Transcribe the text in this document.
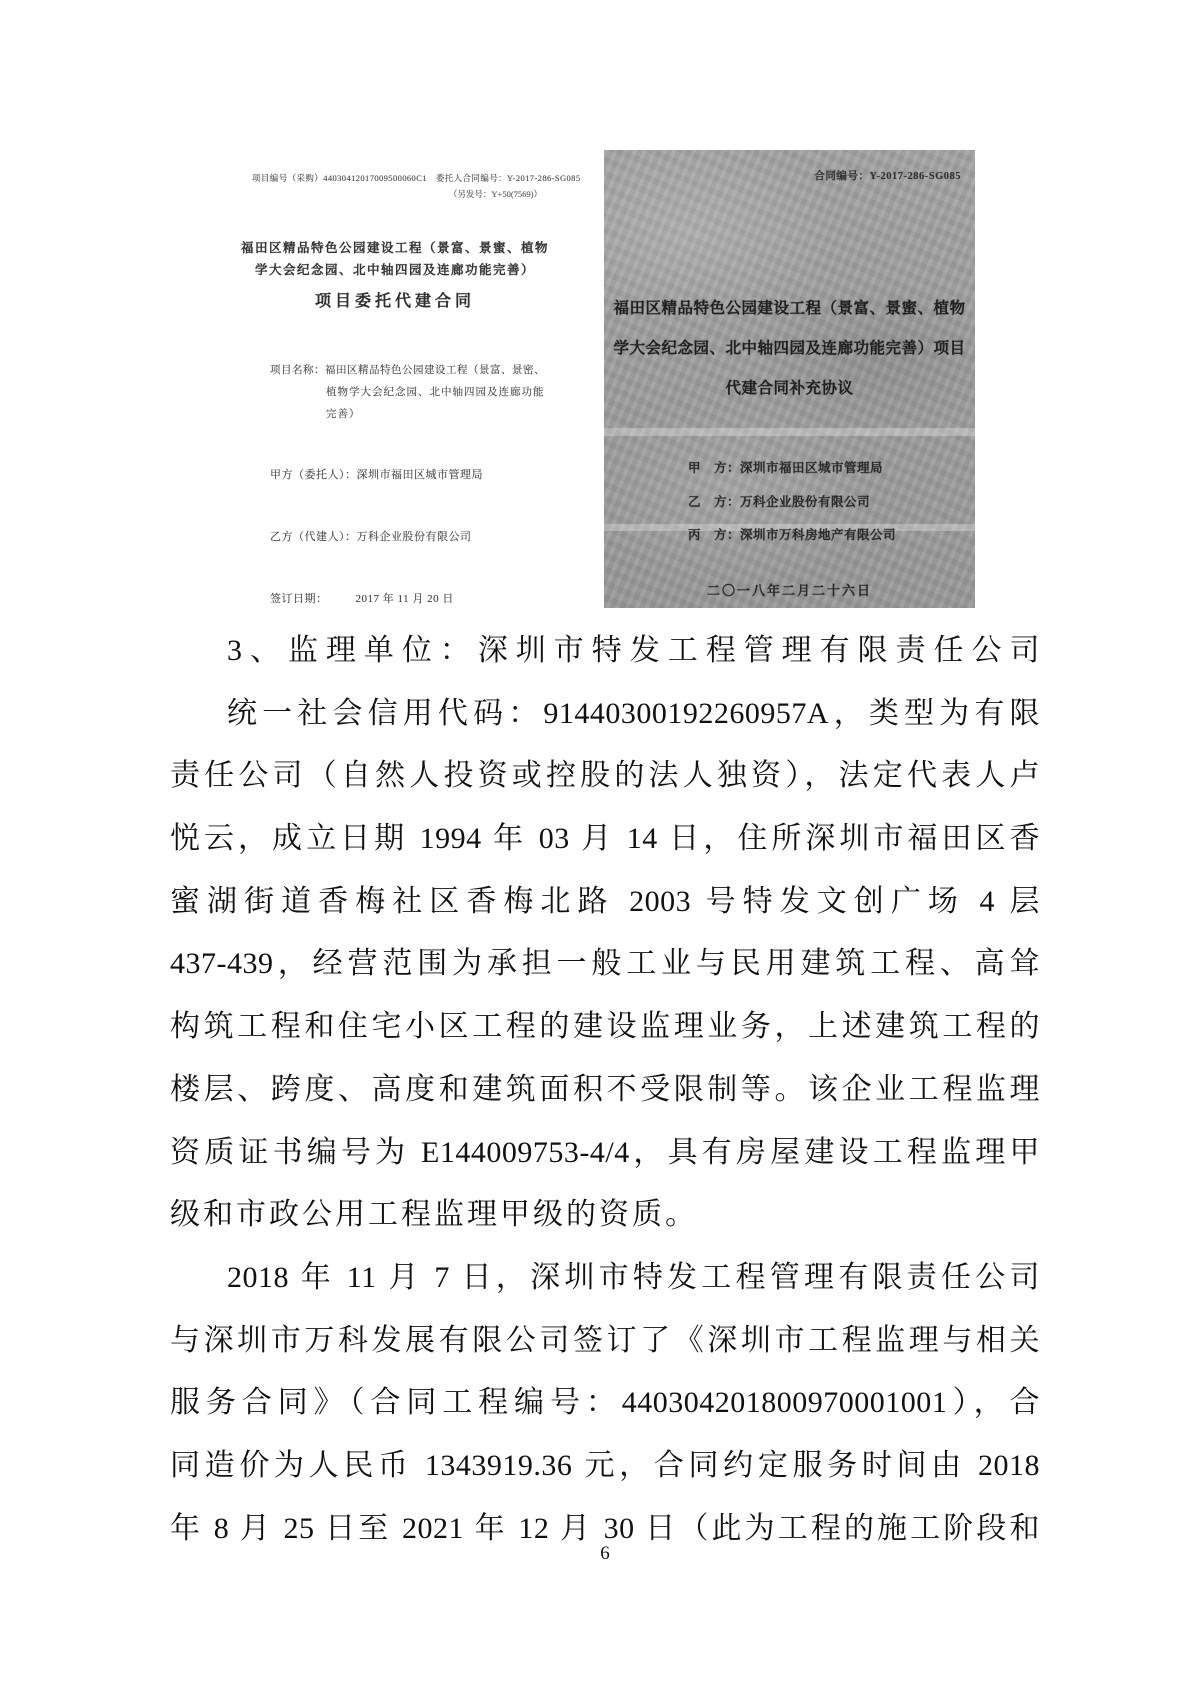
项目编号（采购）44030412017009500060C1　委托人合同编号：Y-2017-286-SG085
（另发号：Y+50(7569)）
福田区精品特色公园建设工程（景富、景蜜、植物
学大会纪念园、北中轴四园及连廊功能完善）
项目委托代建合同
项目名称：福田区精品特色公园建设工程（景富、景密、
植物学大会纪念园、北中轴四园及连廊功能
完善）
甲方（委托人）：深圳市福田区城市管理局
乙方（代建人）：万科企业股份有限公司
签订日期：	2017 年 11 月 20 日
合同编号：Y-2017-286-SG085
福田区精品特色公园建设工程（景富、景蜜、植物
学大会纪念园、北中轴四园及连廊功能完善）项目
代建合同补充协议
甲　方：深圳市福田区城市管理局
乙　方：万科企业股份有限公司
丙　方：深圳市万科房地产有限公司
二〇一八年二月二十六日
3、监理单位：深圳市特发工程管理有限责任公司
统一社会信用代码：91440300192260957A，类型为有限
责任公司（自然人投资或控股的法人独资），法定代表人卢
悦云，成立日期 1994 年 03 月 14 日，住所深圳市福田区香
蜜湖街道香梅社区香梅北路 2003 号特发文创广场 4 层
437-439，经营范围为承担一般工业与民用建筑工程、高耸
构筑工程和住宅小区工程的建设监理业务，上述建筑工程的
楼层、跨度、高度和建筑面积不受限制等。该企业工程监理
资质证书编号为 E144009753-4/4，具有房屋建设工程监理甲
级和市政公用工程监理甲级的资质。
2018 年 11 月 7 日，深圳市特发工程管理有限责任公司
与深圳市万科发展有限公司签订了《深圳市工程监理与相关
服务合同》（合同工程编号：440304201800970001001），合
同造价为人民币 1343919.36 元，合同约定服务时间由 2018
年 8 月 25 日至 2021 年 12 月 30 日（此为工程的施工阶段和
6
